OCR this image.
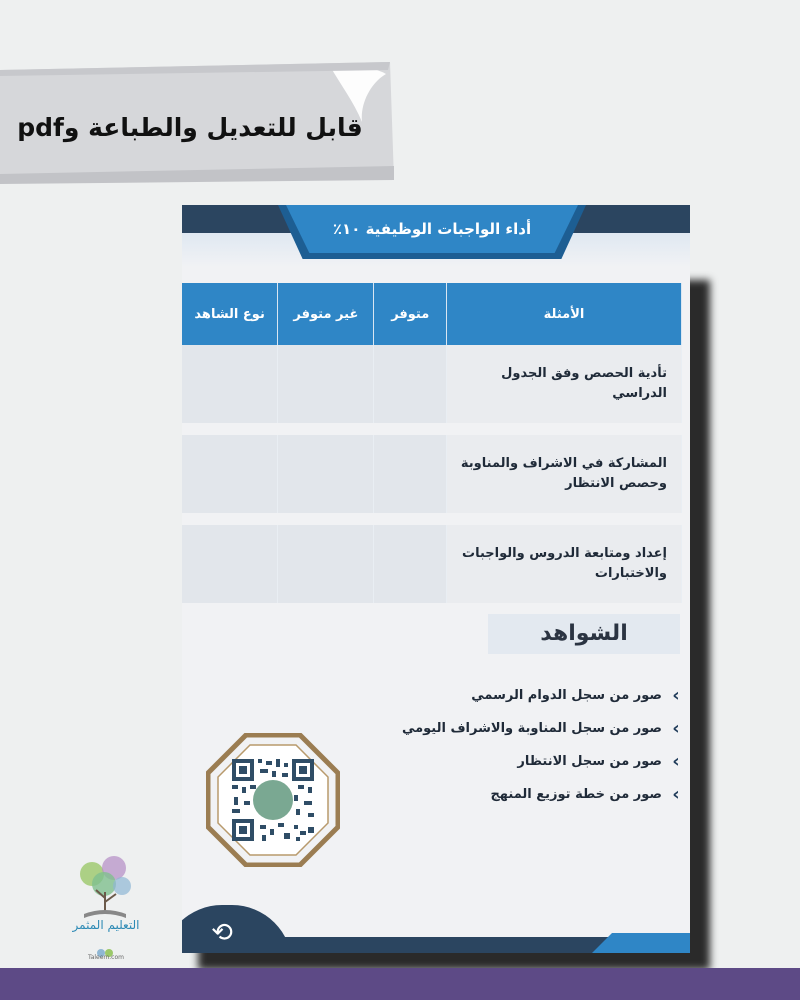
قابل للتعديل والطباعة وpdf
أداء الواجبات الوظيفية ١٠٪
نوع الشاهد	غير متوفر	متوفر	الأمثلة
			تأدية الحصص وفق الجدول الدراسي
			المشاركة في الاشراف والمناوبة وحصص الانتظار
			إعداد ومتابعة الدروس والواجبات والاختبارات
الشواهد
‹
صور من سجل الدوام الرسمي
‹
صور من سجل المناوبة والاشراف اليومي
‹
صور من سجل الانتظار
‹
صور من خطة توزيع المنهج
⟲
التعليم المثمر
Taleem.com
